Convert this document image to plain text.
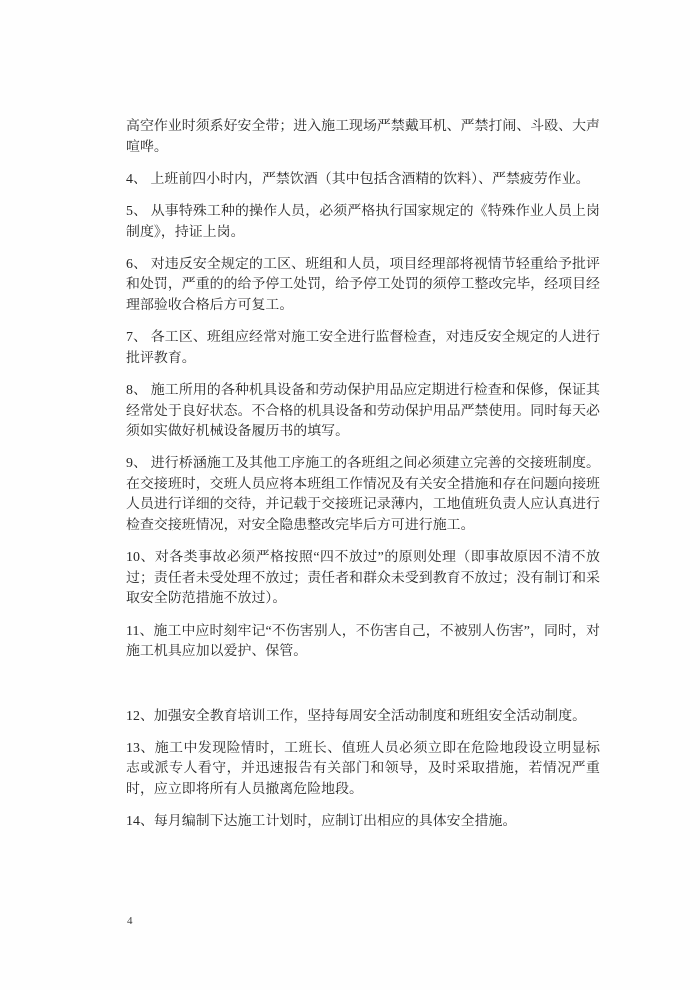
高空作业时须系好安全带；进入施工现场严禁戴耳机、严禁打闹、斗殴、大声喧哗。

4、 上班前四小时内，严禁饮酒（其中包括含酒精的饮料）、严禁疲劳作业。

5、 从事特殊工种的操作人员，必须严格执行国家规定的《特殊作业人员上岗制度》，持证上岗。

6、 对违反安全规定的工区、班组和人员，项目经理部将视情节轻重给予批评和处罚，严重的的给予停工处罚，给予停工处罚的须停工整改完毕，经项目经理部验收合格后方可复工。

7、 各工区、班组应经常对施工安全进行监督检查，对违反安全规定的人进行批评教育。

8、 施工所用的各种机具设备和劳动保护用品应定期进行检查和保修，保证其经常处于良好状态。不合格的机具设备和劳动保护用品严禁使用。同时每天必须如实做好机械设备履历书的填写。

9、 进行桥涵施工及其他工序施工的各班组之间必须建立完善的交接班制度。在交接班时，交班人员应将本班组工作情况及有关安全措施和存在问题向接班人员进行详细的交待，并记载于交接班记录薄内，工地值班负责人应认真进行检查交接班情况，对安全隐患整改完毕后方可进行施工。

10、对各类事故必须严格按照“四不放过”的原则处理（即事故原因不清不放过；责任者未受处理不放过；责任者和群众未受到教育不放过；没有制订和采取安全防范措施不放过）。

11、施工中应时刻牢记“不伤害别人，不伤害自己，不被别人伤害”，同时，对施工机具应加以爱护、保管。

12、加强安全教育培训工作，坚持每周安全活动制度和班组安全活动制度。

13、施工中发现险情时，工班长、值班人员必须立即在危险地段设立明显标志或派专人看守，并迅速报告有关部门和领导，及时采取措施，若情况严重时，应立即将所有人员撤离危险地段。

14、每月编制下达施工计划时，应制订出相应的具体安全措施。

4
